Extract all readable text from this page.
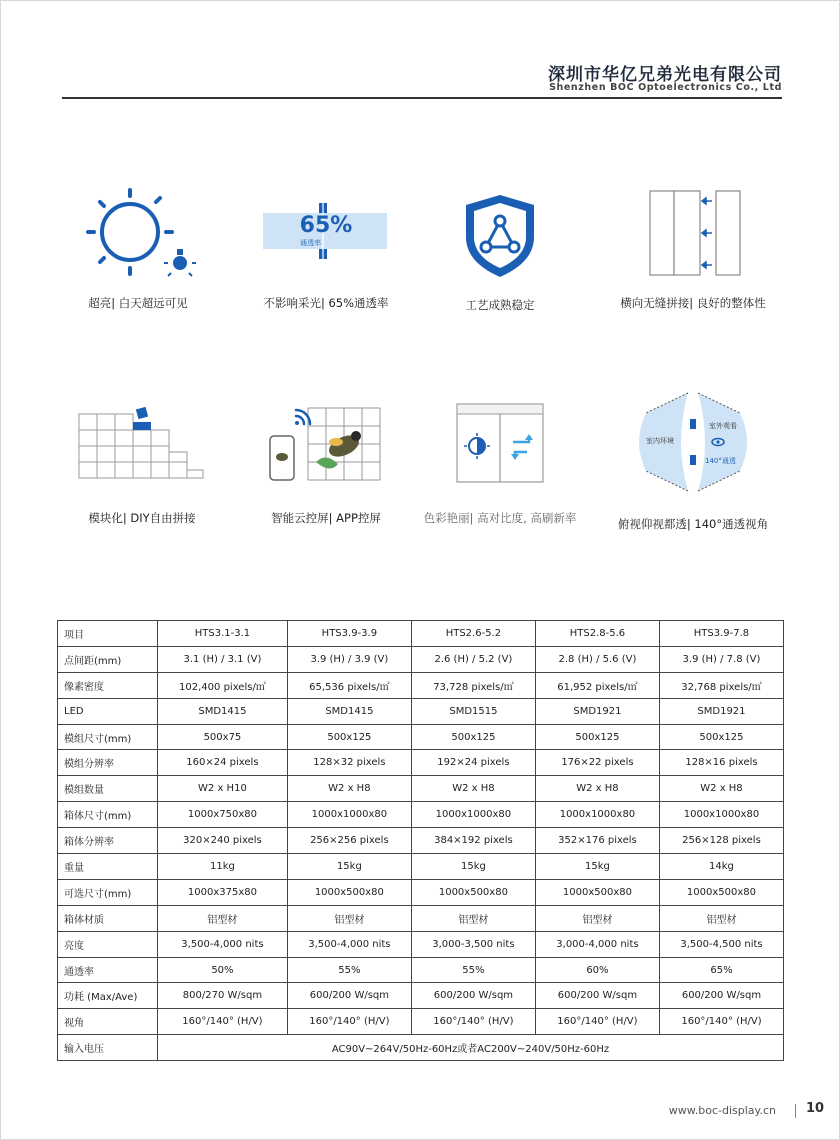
深圳市华亿兄弟光电有限公司
Shenzhen BOC Optoelectronics Co., Ltd
超亮| 白天超远可见
65%
通透率
不影响采光| 65%通透率	工艺成熟稳定	横向无缝拼接| 良好的整体性
模块化| DIY自由拼接	智能云控屏| APP控屏	色彩艳丽| 高对比度, 高刷新率
室内环境
室外观看
140°通透
俯视仰视都透| 140°通透视角
项目	HTS3.1-3.1	HTS3.9-3.9	HTS2.6-5.2	HTS2.8-5.6	HTS3.9-7.8
点间距(mm)	3.1 (H) / 3.1 (V)	3.9 (H) / 3.9 (V)	2.6 (H) / 5.2 (V)	2.8 (H) / 5.6 (V)	3.9 (H) / 7.8 (V)
像素密度	102,400 pixels/㎡	65,536 pixels/㎡	73,728 pixels/㎡	61,952 pixels/㎡	32,768 pixels/㎡
LED	SMD1415	SMD1415	SMD1515	SMD1921	SMD1921
模组尺寸(mm)	500x75	500x125	500x125	500x125	500x125
模组分辨率	160×24 pixels	128×32 pixels	192×24 pixels	176×22 pixels	128×16 pixels
模组数量	W2 x H10	W2 x H8	W2 x H8	W2 x H8	W2 x H8
箱体尺寸(mm)	1000x750x80	1000x1000x80	1000x1000x80	1000x1000x80	1000x1000x80
箱体分辨率	320×240 pixels	256×256 pixels	384×192 pixels	352×176 pixels	256×128 pixels
重量	11kg	15kg	15kg	15kg	14kg
可选尺寸(mm)	1000x375x80	1000x500x80	1000x500x80	1000x500x80	1000x500x80
箱体材质	铝型材	铝型材	铝型材	铝型材	铝型材
亮度	3,500-4,000 nits	3,500-4,000 nits	3,000-3,500 nits	3,000-4,000 nits	3,500-4,500 nits
通透率	50%	55%	55%	60%	65%
功耗 (Max/Ave)	800/270 W/sqm	600/200 W/sqm	600/200 W/sqm	600/200 W/sqm	600/200 W/sqm
视角	160°/140° (H/V)	160°/140° (H/V)	160°/140° (H/V)	160°/140° (H/V)	160°/140° (H/V)
输入电压	AC90V~264V/50Hz-60Hz或者AC200V~240V/50Hz-60Hz				
www.boc-display.cn 10
